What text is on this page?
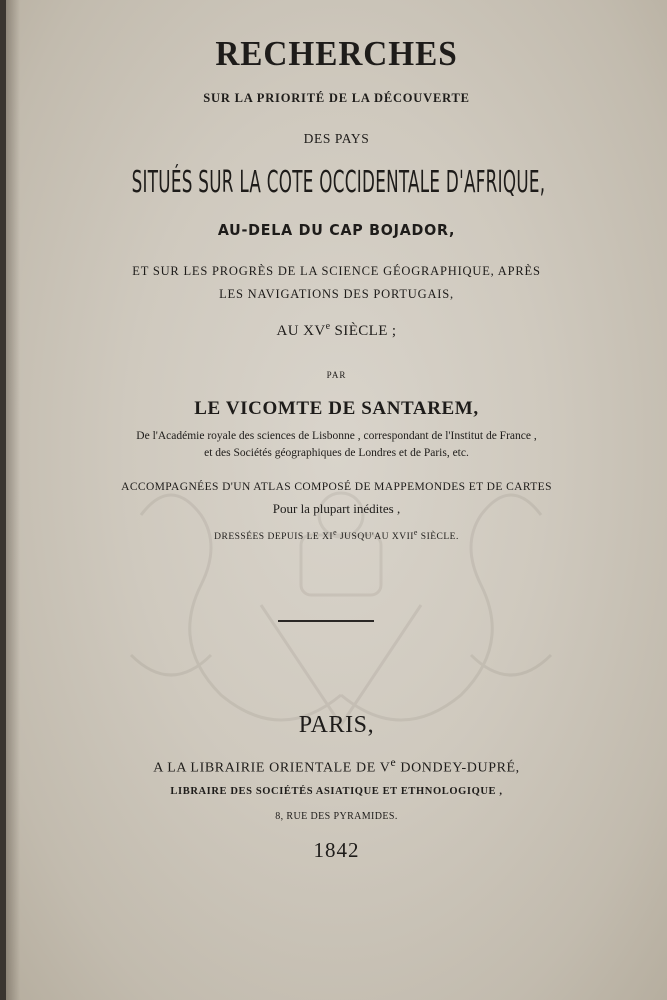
RECHERCHES
SUR LA PRIORITÉ DE LA DÉCOUVERTE
DES PAYS
SITUÉS SUR LA COTE OCCIDENTALE D'AFRIQUE,
AU-DELA DU CAP BOJADOR,
ET SUR LES PROGRÈS DE LA SCIENCE GÉOGRAPHIQUE, APRÈS
LES NAVIGATIONS DES PORTUGAIS,
AU XVe SIÈCLE ;
PAR
LE VICOMTE DE SANTAREM,
De l'Académie royale des sciences de Lisbonne , correspondant de l'Institut de France ,
et des Sociétés géographiques de Londres et de Paris, etc.
ACCOMPAGNÉES D'UN ATLAS COMPOSÉ DE MAPPEMONDES ET DE CARTES
Pour la plupart inédites ,
DRESSÉES DEPUIS LE XIe JUSQU'AU XVIIe SIÈCLE.
PARIS,
A LA LIBRAIRIE ORIENTALE DE Ve DONDEY-DUPRÉ,
LIBRAIRE DES SOCIÉTÉS ASIATIQUE ET ETHNOLOGIQUE ,
8, RUE DES PYRAMIDES.
1842
